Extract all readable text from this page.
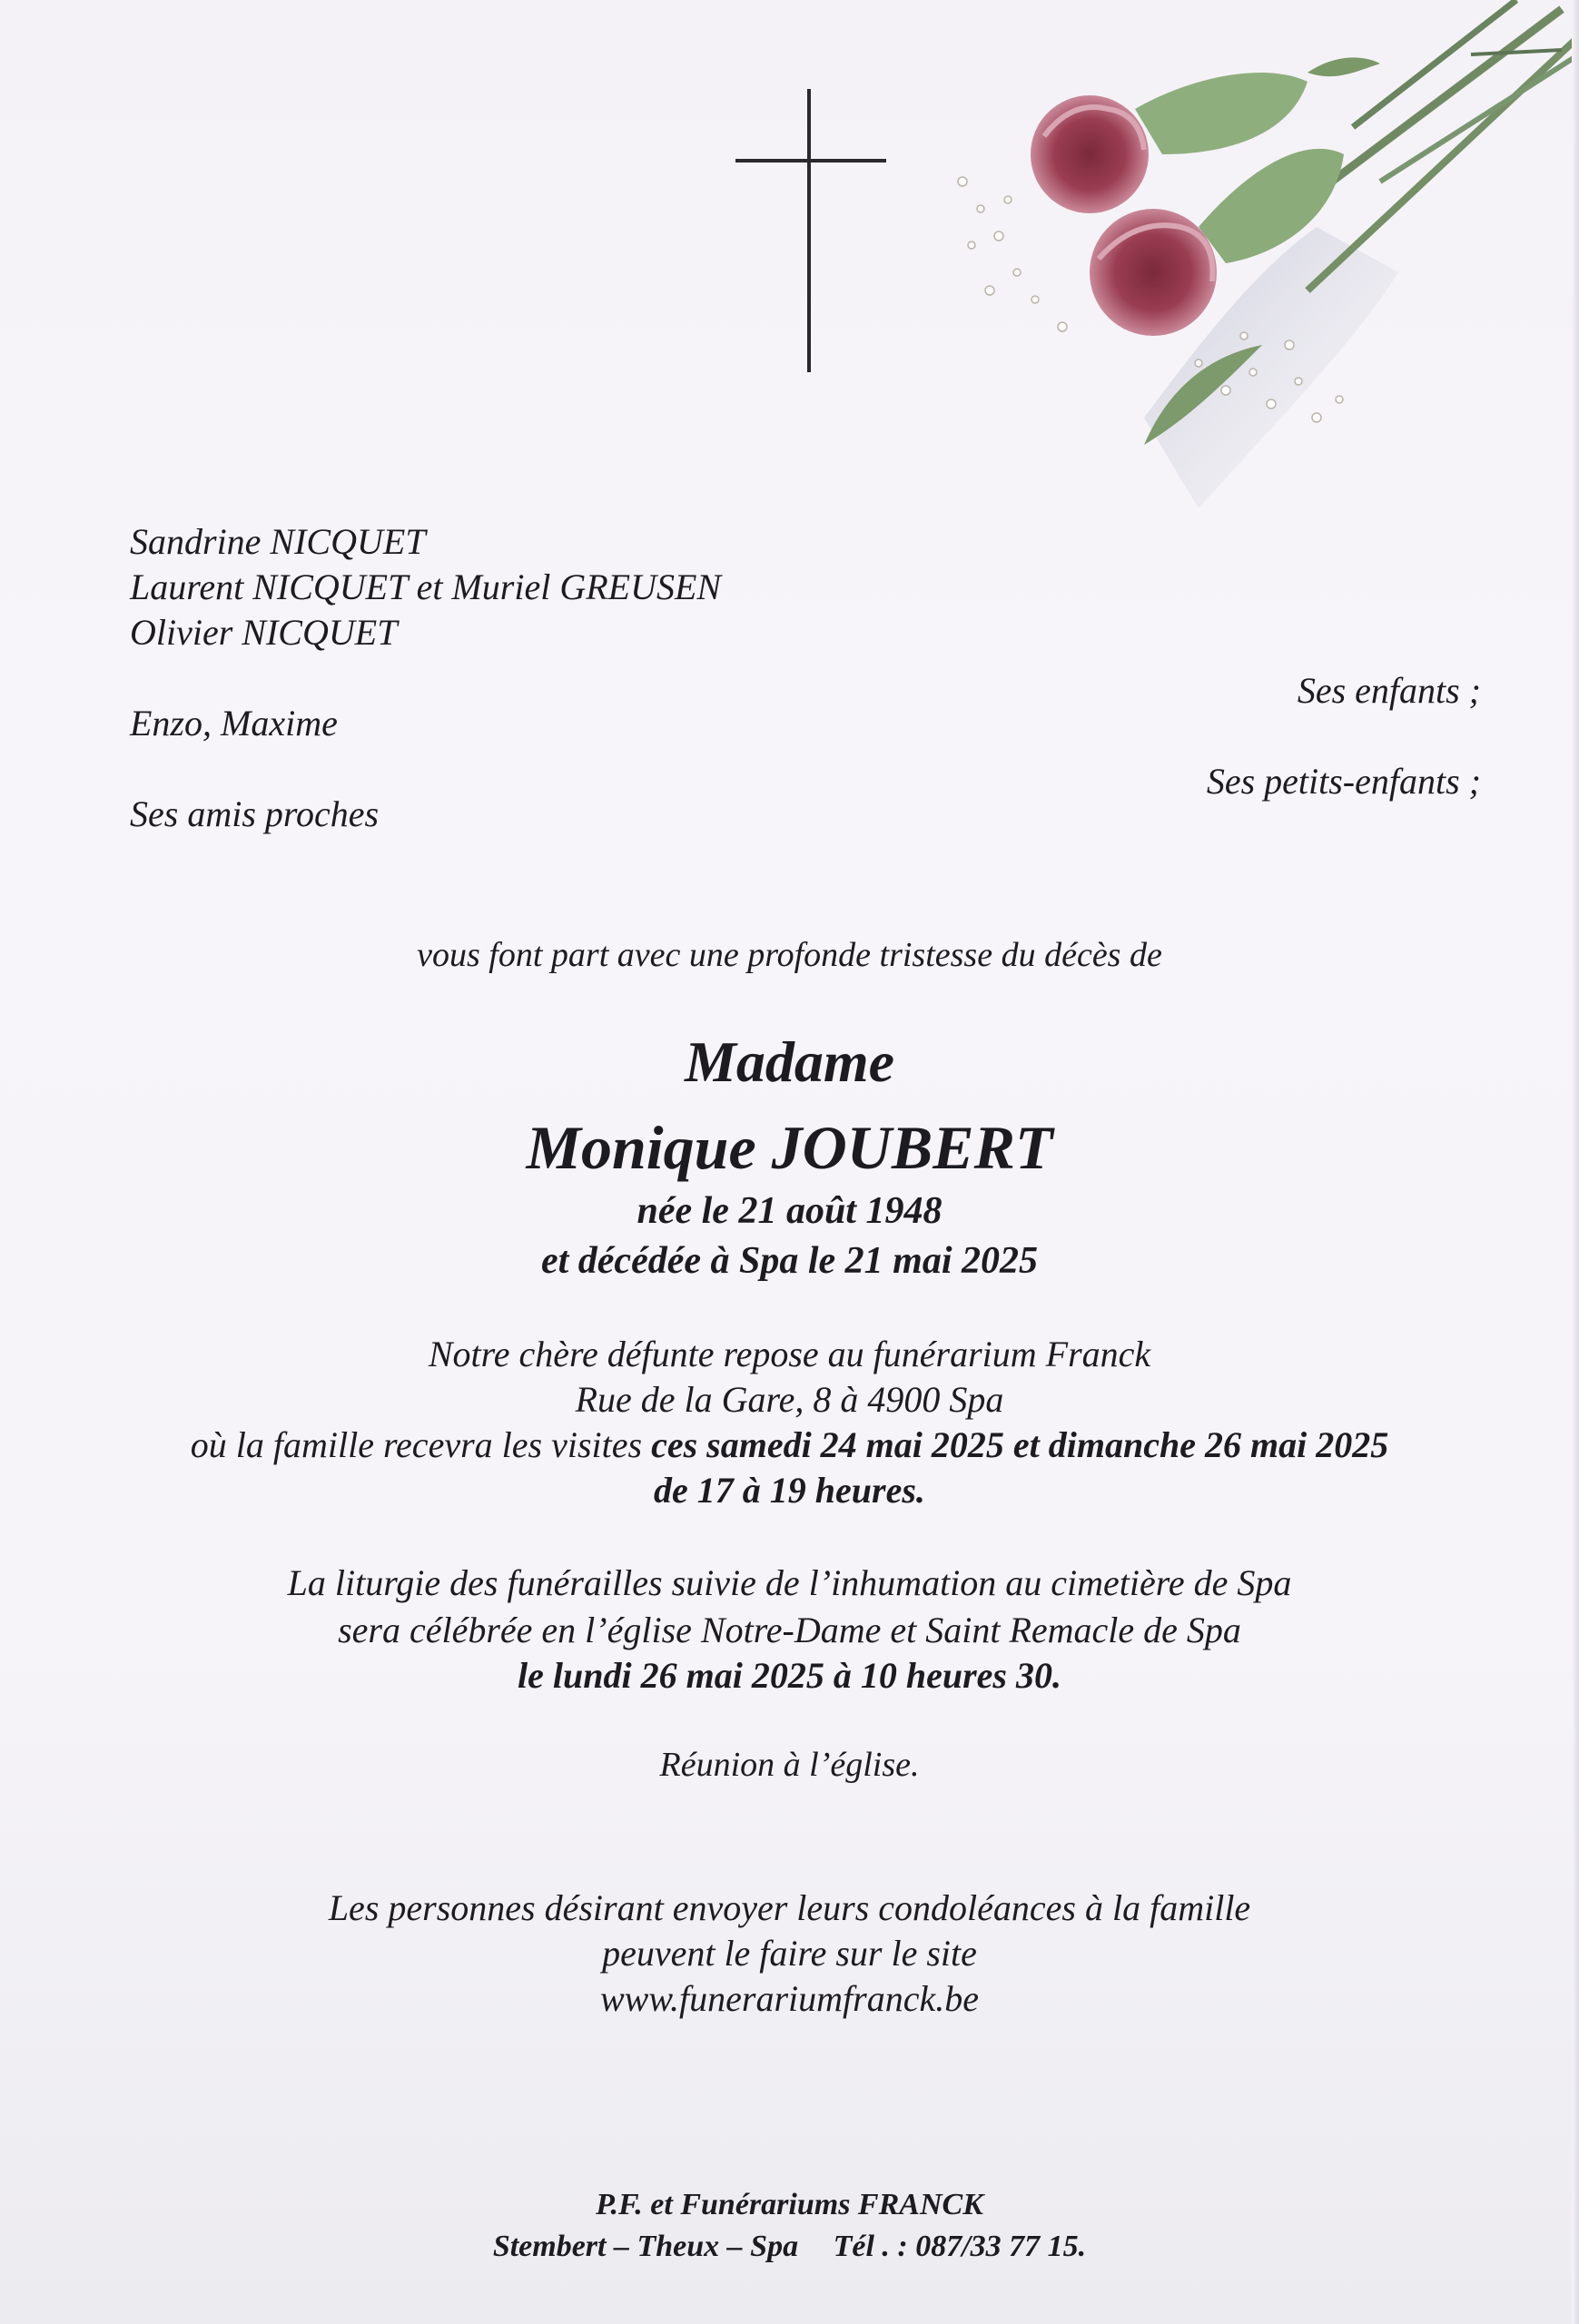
Sandrine NICQUET
Laurent NICQUET et Muriel GREUSEN
Olivier NICQUET
Enzo, Maxime
Ses amis proches
Ses enfants ;
Ses petits-enfants ;
vous font part avec une profonde tristesse du décès de
Madame
Monique JOUBERT
née le 21 août 1948
et décédée à Spa le 21 mai 2025
Notre chère défunte repose au funérarium Franck
Rue de la Gare, 8 à 4900 Spa
où la famille recevra les visites ces samedi 24 mai 2025 et dimanche 26 mai 2025
de 17 à 19 heures.
La liturgie des funérailles suivie de l’inhumation au cimetière de Spa
sera célébrée en l’église Notre-Dame et Saint Remacle de Spa
le lundi 26 mai 2025 à 10 heures 30.
Réunion à l’église.
Les personnes désirant envoyer leurs condoléances à la famille
peuvent le faire sur le site
www.funerariumfranck.be
P.F. et Funérariums FRANCK
Stembert – Theux – Spa Tél . : 087/33 77 15.
